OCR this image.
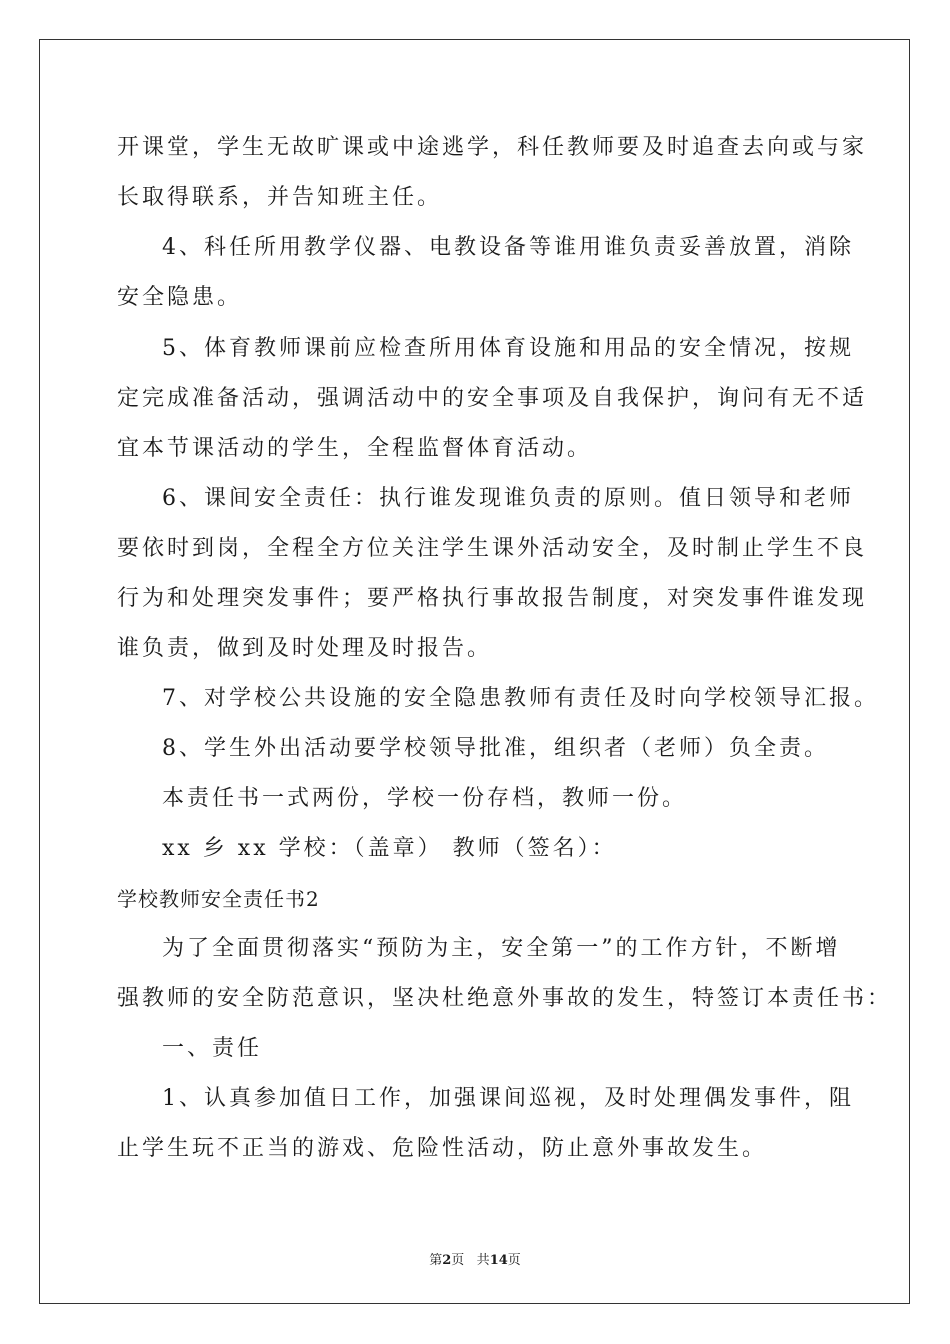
开课堂，学生无故旷课或中途逃学，科任教师要及时追查去向或与家
长取得联系，并告知班主任。
4、科任所用教学仪器、电教设备等谁用谁负责妥善放置，消除
安全隐患。
5、体育教师课前应检查所用体育设施和用品的安全情况，按规
定完成准备活动，强调活动中的安全事项及自我保护，询问有无不适
宜本节课活动的学生，全程监督体育活动。
6、课间安全责任：执行谁发现谁负责的原则。值日领导和老师
要依时到岗，全程全方位关注学生课外活动安全，及时制止学生不良
行为和处理突发事件；要严格执行事故报告制度，对突发事件谁发现
谁负责，做到及时处理及时报告。
7、对学校公共设施的安全隐患教师有责任及时向学校领导汇报。
8、学生外出活动要学校领导批准，组织者（老师）负全责。
本责任书一式两份，学校一份存档，教师一份。
xx 乡 xx 学校：（盖章） 教师（签名）：
学校教师安全责任书2
为了全面贯彻落实“预防为主，安全第一”的工作方针，不断增
强教师的安全防范意识，坚决杜绝意外事故的发生，特签订本责任书：
一、责任
1、认真参加值日工作，加强课间巡视，及时处理偶发事件，阻
止学生玩不正当的游戏、危险性活动，防止意外事故发生。
第2页 共14页
